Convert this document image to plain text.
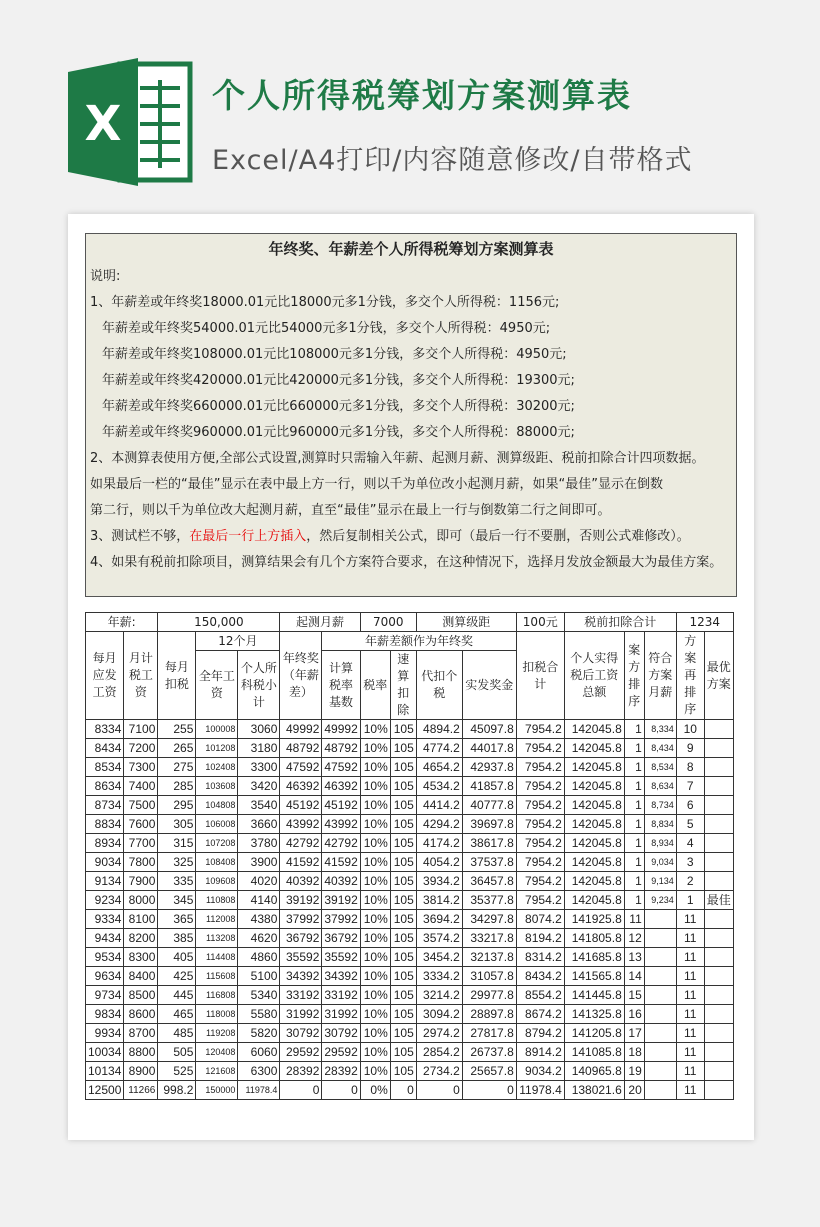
X
个人所得税筹划方案测算表
Excel/A4打印/内容随意修改/自带格式
年终奖、年薪差个人所得税筹划方案测算表
说明:
1、年薪差或年终奖18000.01元比18000元多1分钱，多交个人所得税：1156元;
年薪差或年终奖54000.01元比54000元多1分钱，多交个人所得税：4950元;
年薪差或年终奖108000.01元比108000元多1分钱，多交个人所得税：4950元;
年薪差或年终奖420000.01元比420000元多1分钱，多交个人所得税：19300元;
年薪差或年终奖660000.01元比660000元多1分钱，多交个人所得税：30200元;
年薪差或年终奖960000.01元比960000元多1分钱，多交个人所得税：88000元;
2、本测算表使用方便,全部公式设置,测算时只需输入年薪、起测月薪、测算级距、税前扣除合计四项数据。
如果最后一栏的“最佳”显示在表中最上方一行，则以千为单位改小起测月薪，如果“最佳”显示在倒数
第二行，则以千为单位改大起测月薪，直至“最佳”显示在最上一行与倒数第二行之间即可。
3、测试栏不够，在最后一行上方插入，然后复制相关公式，即可（最后一行不要删，否则公式难修改）。
4、如果有税前扣除项目，测算结果会有几个方案符合要求，在这种情况下，选择月发放金额最大为最佳方案。
年薪:		150,000			起测月薪		7000		测算级距		100元	税前扣除合计			1234	
每月应发工资	月计税工资	每月扣税	12个月		年终奖（年薪差）	年薪差额作为年终奖					扣税合计	个人实得税后工资总额	案方排序	符合方案月薪	方案再排序	最优方案
			全年工资	个人所科税小计		计算税率基数	税率	速算扣除	代扣个税	实发奖金						

8334	7100	255	100008	3060	49992	49992	10%	105	4894.2	45097.8	7954.2	142045.8	1	8,334	10	
8434	7200	265	101208	3180	48792	48792	10%	105	4774.2	44017.8	7954.2	142045.8	1	8,434	9	
8534	7300	275	102408	3300	47592	47592	10%	105	4654.2	42937.8	7954.2	142045.8	1	8,534	8	
8634	7400	285	103608	3420	46392	46392	10%	105	4534.2	41857.8	7954.2	142045.8	1	8,634	7	
8734	7500	295	104808	3540	45192	45192	10%	105	4414.2	40777.8	7954.2	142045.8	1	8,734	6	
8834	7600	305	106008	3660	43992	43992	10%	105	4294.2	39697.8	7954.2	142045.8	1	8,834	5	
8934	7700	315	107208	3780	42792	42792	10%	105	4174.2	38617.8	7954.2	142045.8	1	8,934	4	
9034	7800	325	108408	3900	41592	41592	10%	105	4054.2	37537.8	7954.2	142045.8	1	9,034	3	
9134	7900	335	109608	4020	40392	40392	10%	105	3934.2	36457.8	7954.2	142045.8	1	9,134	2	
9234	8000	345	110808	4140	39192	39192	10%	105	3814.2	35377.8	7954.2	142045.8	1	9,234	1	最佳
9334	8100	365	112008	4380	37992	37992	10%	105	3694.2	34297.8	8074.2	141925.8	11		11	
9434	8200	385	113208	4620	36792	36792	10%	105	3574.2	33217.8	8194.2	141805.8	12		11	
9534	8300	405	114408	4860	35592	35592	10%	105	3454.2	32137.8	8314.2	141685.8	13		11	
9634	8400	425	115608	5100	34392	34392	10%	105	3334.2	31057.8	8434.2	141565.8	14		11	
9734	8500	445	116808	5340	33192	33192	10%	105	3214.2	29977.8	8554.2	141445.8	15		11	
9834	8600	465	118008	5580	31992	31992	10%	105	3094.2	28897.8	8674.2	141325.8	16		11	
9934	8700	485	119208	5820	30792	30792	10%	105	2974.2	27817.8	8794.2	141205.8	17		11	
10034	8800	505	120408	6060	29592	29592	10%	105	2854.2	26737.8	8914.2	141085.8	18		11	
10134	8900	525	121608	6300	28392	28392	10%	105	2734.2	25657.8	9034.2	140965.8	19		11	
12500	11266	998.2	150000	11978.4	0	0	0%	0	0	0	11978.4	138021.6	20		11	
